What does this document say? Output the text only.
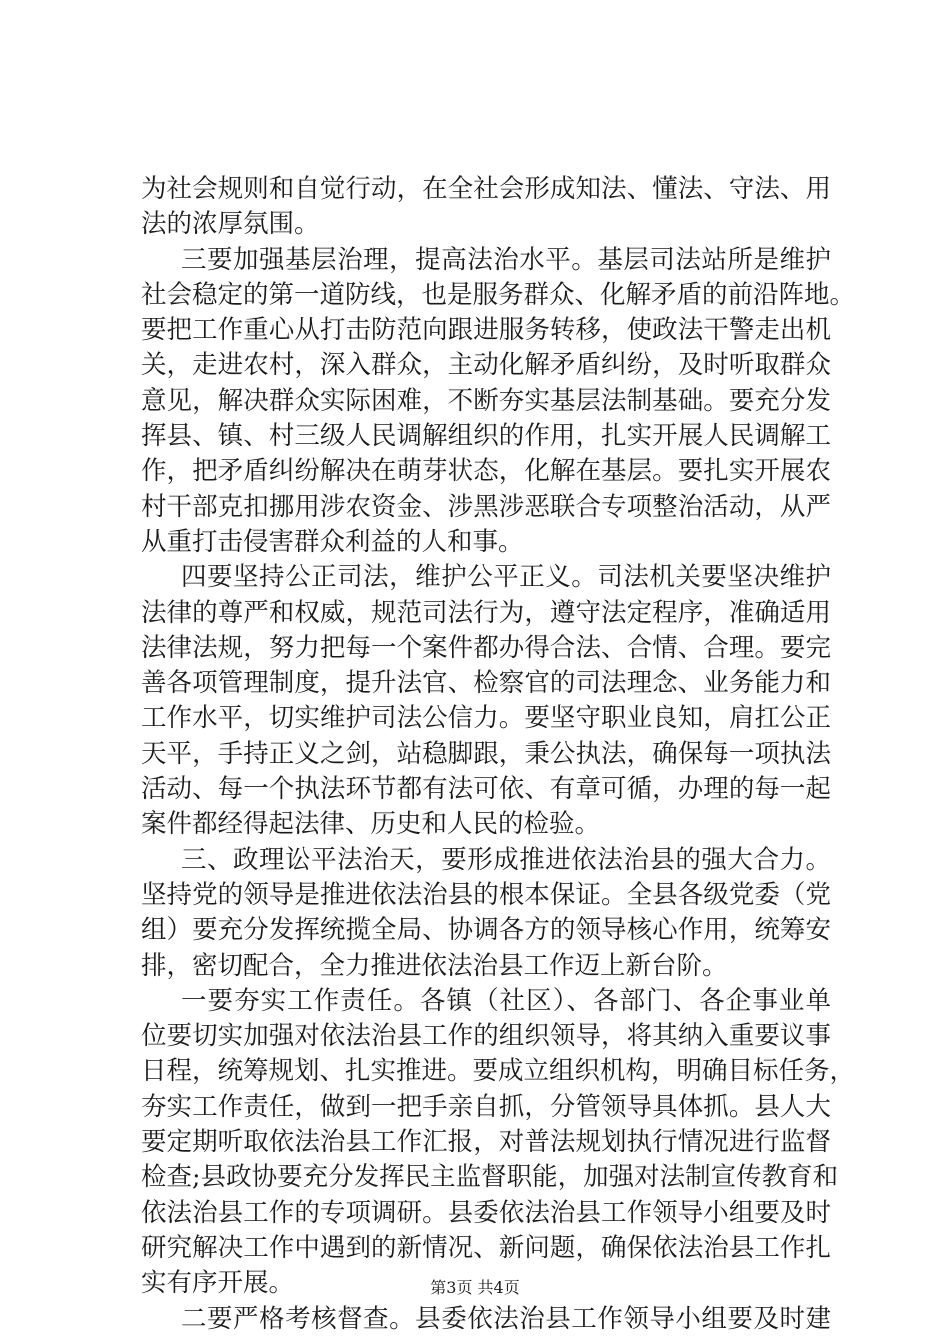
为社会规则和自觉行动，在全社会形成知法、懂法、守法、用
法的浓厚氛围。
三要加强基层治理，提高法治水平。基层司法站所是维护
社会稳定的第一道防线，也是服务群众、化解矛盾的前沿阵地。
要把工作重心从打击防范向跟进服务转移，使政法干警走出机
关，走进农村，深入群众，主动化解矛盾纠纷，及时听取群众
意见，解决群众实际困难，不断夯实基层法制基础。要充分发
挥县、镇、村三级人民调解组织的作用，扎实开展人民调解工
作，把矛盾纠纷解决在萌芽状态，化解在基层。要扎实开展农
村干部克扣挪用涉农资金、涉黑涉恶联合专项整治活动，从严
从重打击侵害群众利益的人和事。
四要坚持公正司法，维护公平正义。司法机关要坚决维护
法律的尊严和权威，规范司法行为，遵守法定程序，准确适用
法律法规，努力把每一个案件都办得合法、合情、合理。要完
善各项管理制度，提升法官、检察官的司法理念、业务能力和
工作水平，切实维护司法公信力。要坚守职业良知，肩扛公正
天平，手持正义之剑，站稳脚跟，秉公执法，确保每一项执法
活动、每一个执法环节都有法可依、有章可循，办理的每一起
案件都经得起法律、历史和人民的检验。
三、政理讼平法治天，要形成推进依法治县的强大合力。
坚持党的领导是推进依法治县的根本保证。全县各级党委（党
组）要充分发挥统揽全局、协调各方的领导核心作用，统筹安
排，密切配合，全力推进依法治县工作迈上新台阶。
一要夯实工作责任。各镇（社区）、各部门、各企事业单
位要切实加强对依法治县工作的组织领导，将其纳入重要议事
日程，统筹规划、扎实推进。要成立组织机构，明确目标任务，
夯实工作责任，做到一把手亲自抓，分管领导具体抓。县人大
要定期听取依法治县工作汇报，对普法规划执行情况进行监督
检查;县政协要充分发挥民主监督职能，加强对法制宣传教育和
依法治县工作的专项调研。县委依法治县工作领导小组要及时
研究解决工作中遇到的新情况、新问题，确保依法治县工作扎
实有序开展。
二要严格考核督查。县委依法治县工作领导小组要及时建
第3页 共4页
